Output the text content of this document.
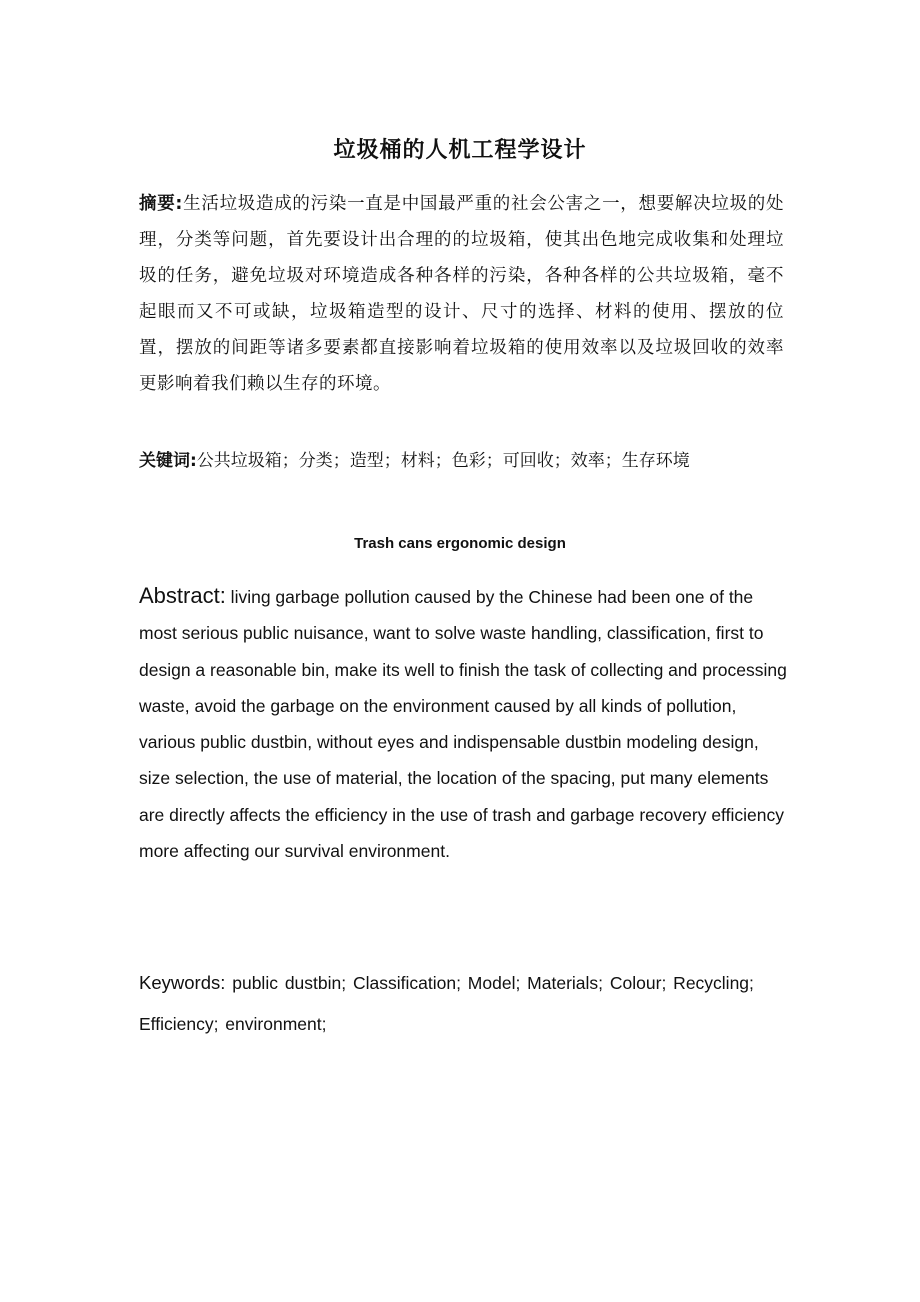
垃圾桶的人机工程学设计

摘要:生活垃圾造成的污染一直是中国最严重的社会公害之一，想要解决垃圾的处理，分类等问题，首先要设计出合理的的垃圾箱，使其出色地完成收集和处理垃圾的任务，避免垃圾对环境造成各种各样的污染，各种各样的公共垃圾箱，毫不起眼而又不可或缺，垃圾箱造型的设计、尺寸的选择、材料的使用、摆放的位置，摆放的间距等诸多要素都直接影响着垃圾箱的使用效率以及垃圾回收的效率更影响着我们赖以生存的环境。

关键词:公共垃圾箱；分类；造型；材料；色彩；可回收；效率；生存环境

Trash cans ergonomic design

Abstract: living garbage pollution caused by the Chinese had been one of the most serious public nuisance, want to solve waste handling, classification, first to design a reasonable bin, make its well to finish the task of collecting and processing waste, avoid the garbage on the environment caused by all kinds of pollution, various public dustbin, without eyes and indispensable dustbin modeling design, size selection, the use of material, the location of the spacing, put many elements are directly affects the efficiency in the use of trash and garbage recovery efficiency more affecting our survival environment.

Keywords: public dustbin; Classification; Model; Materials; Colour; Recycling; Efficiency; environment;
